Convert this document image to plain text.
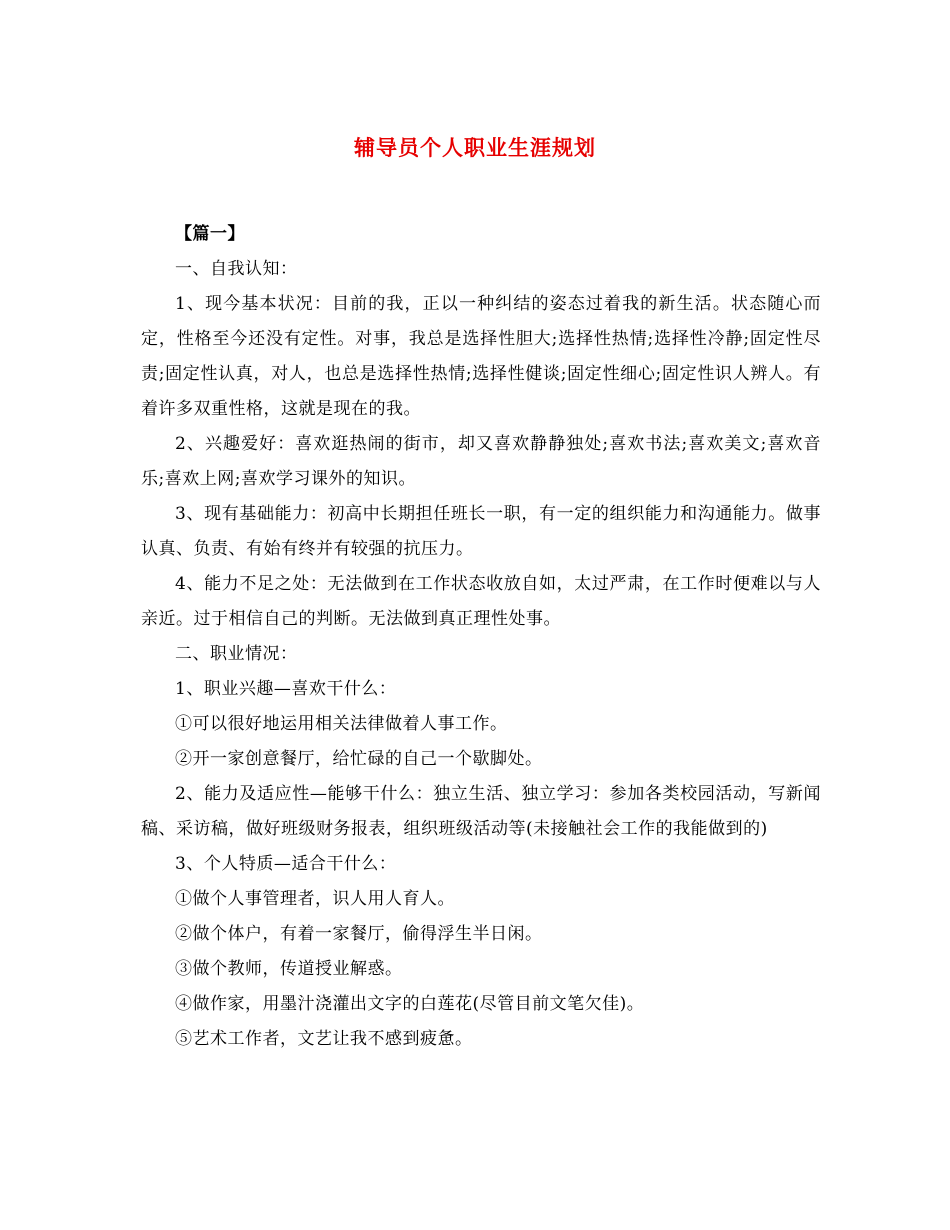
辅导员个人职业生涯规划

【篇一】

一、自我认知：

1、现今基本状况：目前的我，正以一种纠结的姿态过着我的新生活。状态随心而定，性格至今还没有定性。对事，我总是选择性胆大;选择性热情;选择性冷静;固定性尽责;固定性认真，对人，也总是选择性热情;选择性健谈;固定性细心;固定性识人辨人。有着许多双重性格，这就是现在的我。

2、兴趣爱好：喜欢逛热闹的街市，却又喜欢静静独处;喜欢书法;喜欢美文;喜欢音乐;喜欢上网;喜欢学习课外的知识。

3、现有基础能力：初高中长期担任班长一职，有一定的组织能力和沟通能力。做事认真、负责、有始有终并有较强的抗压力。

4、能力不足之处：无法做到在工作状态收放自如，太过严肃，在工作时便难以与人亲近。过于相信自己的判断。无法做到真正理性处事。

二、职业情况：

1、职业兴趣—喜欢干什么：

①可以很好地运用相关法律做着人事工作。

②开一家创意餐厅，给忙碌的自己一个歇脚处。

2、能力及适应性—能够干什么：独立生活、独立学习：参加各类校园活动，写新闻稿、采访稿，做好班级财务报表，组织班级活动等(未接触社会工作的我能做到的)

3、个人特质—适合干什么：

①做个人事管理者，识人用人育人。

②做个体户，有着一家餐厅，偷得浮生半日闲。

③做个教师，传道授业解惑。

④做作家，用墨汁浇灌出文字的白莲花(尽管目前文笔欠佳)。

⑤艺术工作者，文艺让我不感到疲惫。
